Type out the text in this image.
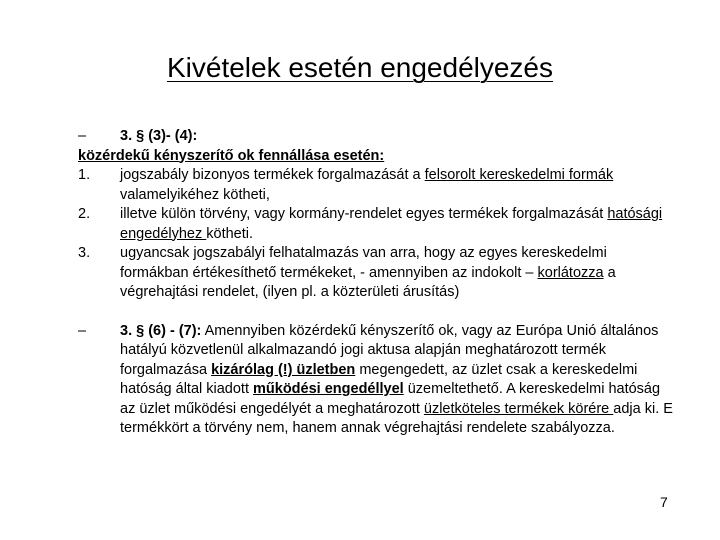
Kivételek esetén engedélyezés
– 3. § (3)- (4):
közérdekű kényszerítő ok fennállása esetén:
1. jogszabály bizonyos termékek forgalmazását a felsorolt kereskedelmi formák valamelyikéhez kötheti,
2. illetve külön törvény, vagy kormány-rendelet egyes termékek forgalmazását hatósági engedélyhez kötheti.
3. ugyancsak jogszabályi felhatalmazás van arra, hogy az egyes kereskedelmi formákban értékesíthető termékeket, - amennyiben az indokolt – korlátozza a végrehajtási rendelet, (ilyen pl. a közterületi árusítás)
– 3. § (6) - (7): Amennyiben közérdekű kényszerítő ok, vagy az Európa Unió általános hatályú közvetlenül alkalmazandó jogi aktusa alapján meghatározott termék forgalmazása kizárólag (!) üzletben megengedett, az üzlet csak a kereskedelmi hatóság által kiadott működési engedéllyel üzemeltethető. A kereskedelmi hatóság az üzlet működési engedélyét a meghatározott üzletköteles termékek körére adja ki. E termékkört a törvény nem, hanem annak végrehajtási rendelete szabályozza.
7
